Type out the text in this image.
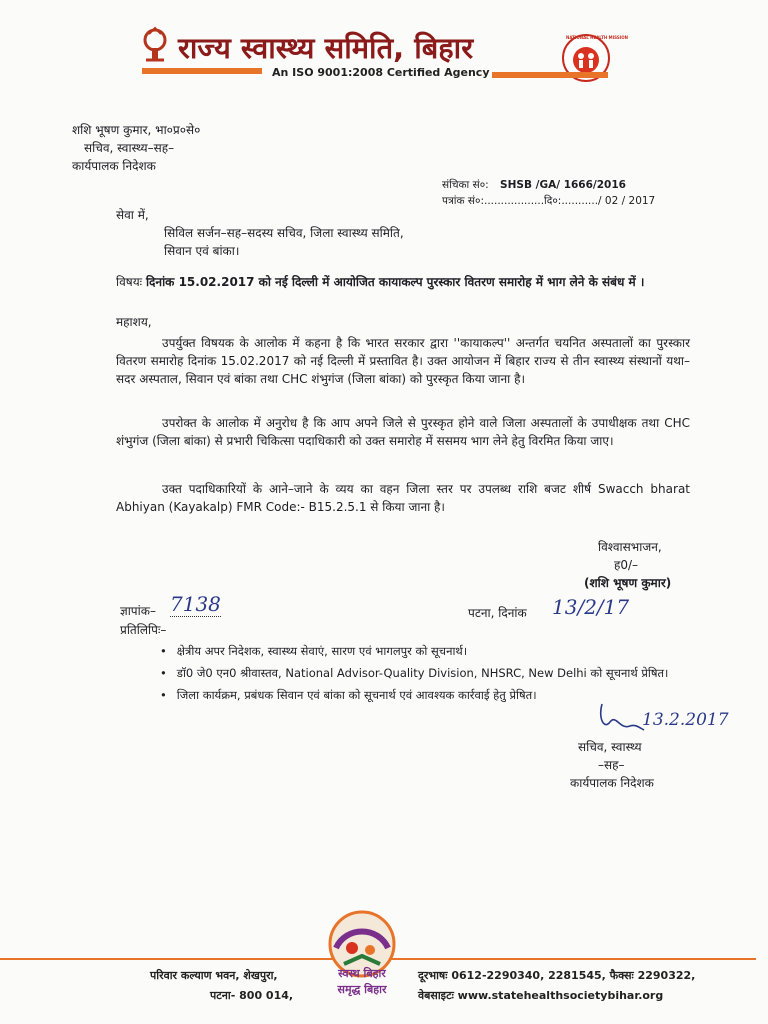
राज्य स्वास्थ्य समिति, बिहार	NATIONAL HEALTH MISSION
An ISO 9001:2008 Certified Agency
शशि भूषण कुमार, भा०प्र०से०
सचिव, स्वास्थ्य–सह–
कार्यपालक निदेशक
संचिका सं०: SHSB /GA/ 1666/2016
पत्रांक सं०:..................दि०:.........../ 02 / 2017
सेवा में,
सिविल सर्जन–सह–सदस्य सचिव, जिला स्वास्थ्य समिति,
सिवान एवं बांका।
विषयः दिनांक 15.02.2017 को नई दिल्ली में आयोजित कायाकल्प पुरस्कार वितरण समारोह में भाग लेने के संबंध में ।
महाशय,
उपर्युक्त विषयक के आलोक में कहना है कि भारत सरकार द्वारा ''कायाकल्प'' अन्तर्गत चयनित अस्पतालों का पुरस्कार वितरण समारोह दिनांक 15.02.2017 को नई दिल्ली में प्रस्तावित है। उक्त आयोजन में बिहार राज्य से तीन स्वास्थ्य संस्थानों यथा– सदर अस्पताल, सिवान एवं बांका तथा CHC शंभुगंज (जिला बांका) को पुरस्कृत किया जाना है।
उपरोक्त के आलोक में अनुरोध है कि आप अपने जिले से पुरस्कृत होने वाले जिला अस्पतालों के उपाधीक्षक तथा CHC शंभुगंज (जिला बांका) से प्रभारी चिकित्सा पदाधिकारी को उक्त समारोह में ससमय भाग लेने हेतु विरमित किया जाए।
उक्त पदाधिकारियों के आने–जाने के व्यय का वहन जिला स्तर पर उपलब्ध राशि बजट शीर्ष Swacch bharat Abhiyan (Kayakalp) FMR Code:- B15.2.5.1 से किया जाना है।
विश्वासभाजन,
ह0/–
(शशि भूषण कुमार)
ज्ञापांक– 7138	पटना, दिनांक 13/2/17
प्रतिलिपिः–
• क्षेत्रीय अपर निदेशक, स्वास्थ्य सेवाएं, सारण एवं भागलपुर को सूचनार्थ।
• डॉ0 जे0 एन0 श्रीवास्तव, National Advisor-Quality Division, NHSRC, New Delhi को सूचनार्थ प्रेषित।
• जिला कार्यक्रम, प्रबंधक सिवान एवं बांका को सूचनार्थ एवं आवश्यक कार्रवाई हेतु प्रेषित।
13.2.2017
सचिव, स्वास्थ्य
–सह–
कार्यपालक निदेशक
स्वस्थ बिहार
समृद्ध बिहार
परिवार कल्याण भवन, शेखपुरा,
पटना- 800 014,
दूरभाषः 0612-2290340, 2281545, फैक्सः 2290322,
वेबसाइटः www.statehealthsocietybihar.org
